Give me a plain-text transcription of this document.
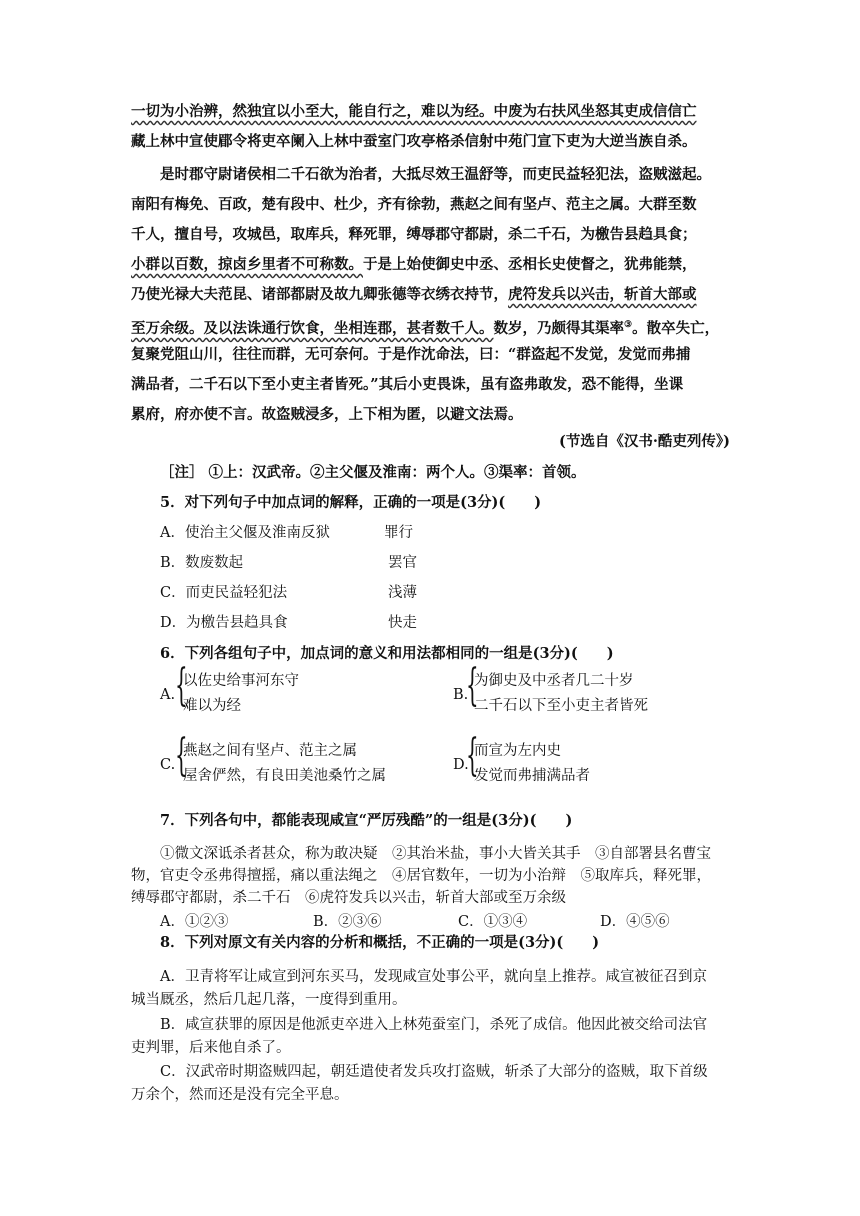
一切为小治辨，然独宜以小至大，能自行之，难以为经。中废为右扶风坐怒其吏成信信亡
藏上林中宣使郿令将吏卒阑入上林中蚕室门攻亭格杀信射中苑门宣下吏为大逆当族自杀。
是时郡守尉诸侯相二千石欲为治者，大抵尽效王温舒等，而吏民益轻犯法，盗贼滋起。
南阳有梅免、百政，楚有段中、杜少，齐有徐勃，燕赵之间有坚卢、范主之属。大群至数
千人，擅自号，攻城邑，取库兵，释死罪，缚辱郡守都尉，杀二千石，为檄告县趋具食；
小群以百数，掠卤乡里者不可称数。于是上始使御史中丞、丞相长史使督之，犹弗能禁，
乃使光禄大夫范昆、诸部都尉及故九卿张德等衣绣衣持节，虎符发兵以兴击，斩首大部或
至万余级。及以法诛通行饮食，坐相连郡，甚者数千人。数岁，乃颇得其渠率③。散卒失亡，
复聚党阻山川，往往而群，无可奈何。于是作沈命法，曰：“群盗起不发觉，发觉而弗捕
满品者，二千石以下至小吏主者皆死。”其后小吏畏诛，虽有盗弗敢发，恐不能得，坐课
累府，府亦使不言。故盗贼浸多，上下相为匿，以避文法焉。
(节选自《汉书·酷吏列传》)
［注］ ①上：汉武帝。②主父偃及淮南：两个人。③渠率：首领。
5．对下列句子中加点词的解释，正确的一项是(3分)(　　)
A．使治主父偃及淮南反狱	罪行
B．数废数起	罢官
C．而吏民益轻犯法	浅薄
D．为檄告县趋具食	快走
6．下列各组句子中，加点词的意义和用法都相同的一组是(3分)(　　)
A. {
以佐史给事河东守
难以为经
B.
{
为御史及中丞者几二十岁
二千石以下至小吏主者皆死
C. {
燕赵之间有坚卢、范主之属
屋舍俨然，有良田美池桑竹之属
D.
{
而宣为左内史
发觉而弗捕满品者
7．下列各句中，都能表现咸宣“严厉残酷”的一组是(3分)(　　)
①微文深诋杀者甚众，称为敢决疑　②其治米盐，事小大皆关其手　③自部署县名曹宝
物，官吏令丞弗得擅摇，痛以重法绳之　④居官数年，一切为小治辩　⑤取库兵，释死罪，
缚辱郡守都尉，杀二千石　⑥虎符发兵以兴击，斩首大部或至万余级
A．①②③	B．②③⑥	C．①③④	D．④⑤⑥
8．下列对原文有关内容的分析和概括，不正确的一项是(3分)(　　)
A．卫青将军让咸宣到河东买马，发现咸宣处事公平，就向皇上推荐。咸宣被征召到京
城当厩丞，然后几起几落，一度得到重用。
B．咸宣获罪的原因是他派吏卒进入上林苑蚕室门，杀死了成信。他因此被交给司法官
吏判罪，后来他自杀了。
C．汉武帝时期盗贼四起，朝廷遣使者发兵攻打盗贼，斩杀了大部分的盗贼，取下首级
万余个，然而还是没有完全平息。
